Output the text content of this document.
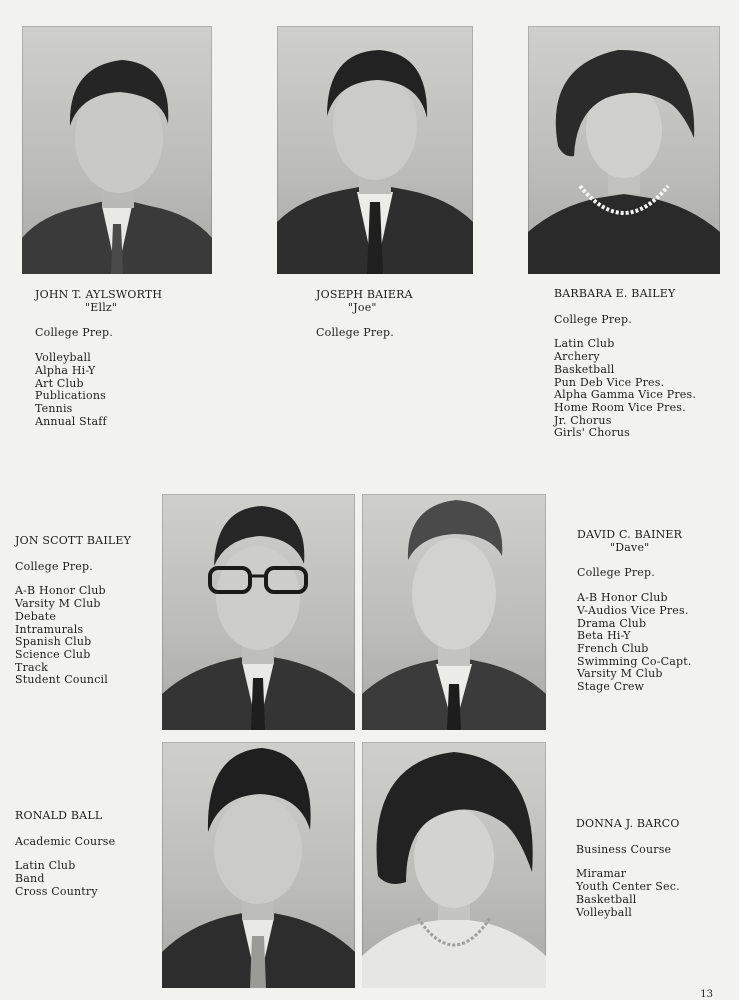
JOHN T. AYLSWORTH
"Ellz"
College Prep.
Volleyball
Alpha Hi-Y
Art Club
Publications
Tennis
Annual Staff
JOSEPH BAIERA
"Joe"
College Prep.
BARBARA E. BAILEY
College Prep.
Latin Club
Archery
Basketball
Pun Deb Vice Pres.
Alpha Gamma Vice Pres.
Home Room Vice Pres.
Jr. Chorus
Girls' Chorus
JON SCOTT BAILEY
College Prep.
A-B Honor Club
Varsity M Club
Debate
Intramurals
Spanish Club
Science Club
Track
Student Council
DAVID C. BAINER
"Dave"
College Prep.
A-B Honor Club
V-Audios Vice Pres.
Drama Club
Beta Hi-Y
French Club
Swimming Co-Capt.
Varsity M Club
Stage Crew
RONALD BALL
Academic Course
Latin Club
Band
Cross Country
DONNA J. BARCO
Business Course
Miramar
Youth Center Sec.
Basketball
Volleyball
13
